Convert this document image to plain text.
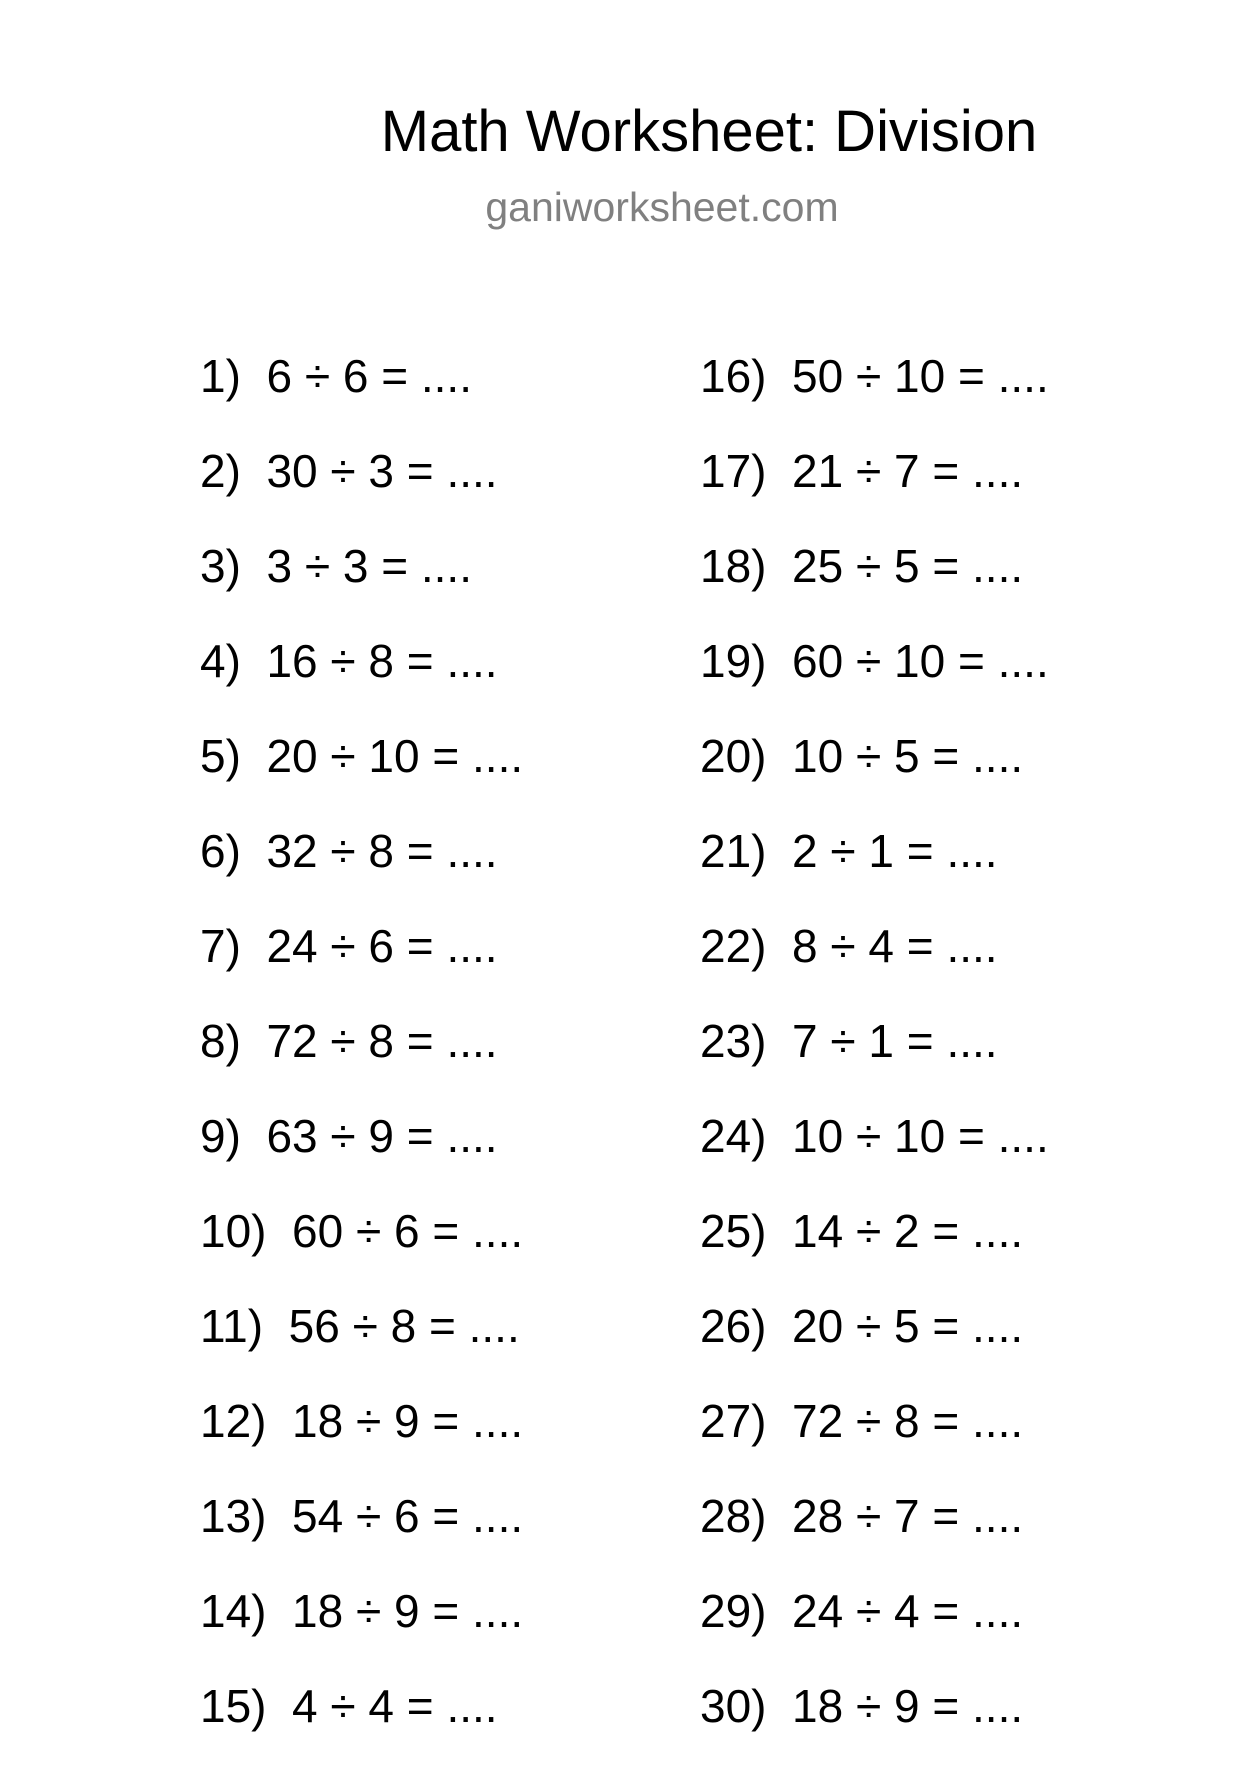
Math Worksheet: Division
ganiworksheet.com
1)  6 ÷ 6 = ....
2)  30 ÷ 3 = ....
3)  3 ÷ 3 = ....
4)  16 ÷ 8 = ....
5)  20 ÷ 10 = ....
6)  32 ÷ 8 = ....
7)  24 ÷ 6 = ....
8)  72 ÷ 8 = ....
9)  63 ÷ 9 = ....
10)  60 ÷ 6 = ....
11)  56 ÷ 8 = ....
12)  18 ÷ 9 = ....
13)  54 ÷ 6 = ....
14)  18 ÷ 9 = ....
15)  4 ÷ 4 = ....
16)  50 ÷ 10 = ....
17)  21 ÷ 7 = ....
18)  25 ÷ 5 = ....
19)  60 ÷ 10 = ....
20)  10 ÷ 5 = ....
21)  2 ÷ 1 = ....
22)  8 ÷ 4 = ....
23)  7 ÷ 1 = ....
24)  10 ÷ 10 = ....
25)  14 ÷ 2 = ....
26)  20 ÷ 5 = ....
27)  72 ÷ 8 = ....
28)  28 ÷ 7 = ....
29)  24 ÷ 4 = ....
30)  18 ÷ 9 = ....
